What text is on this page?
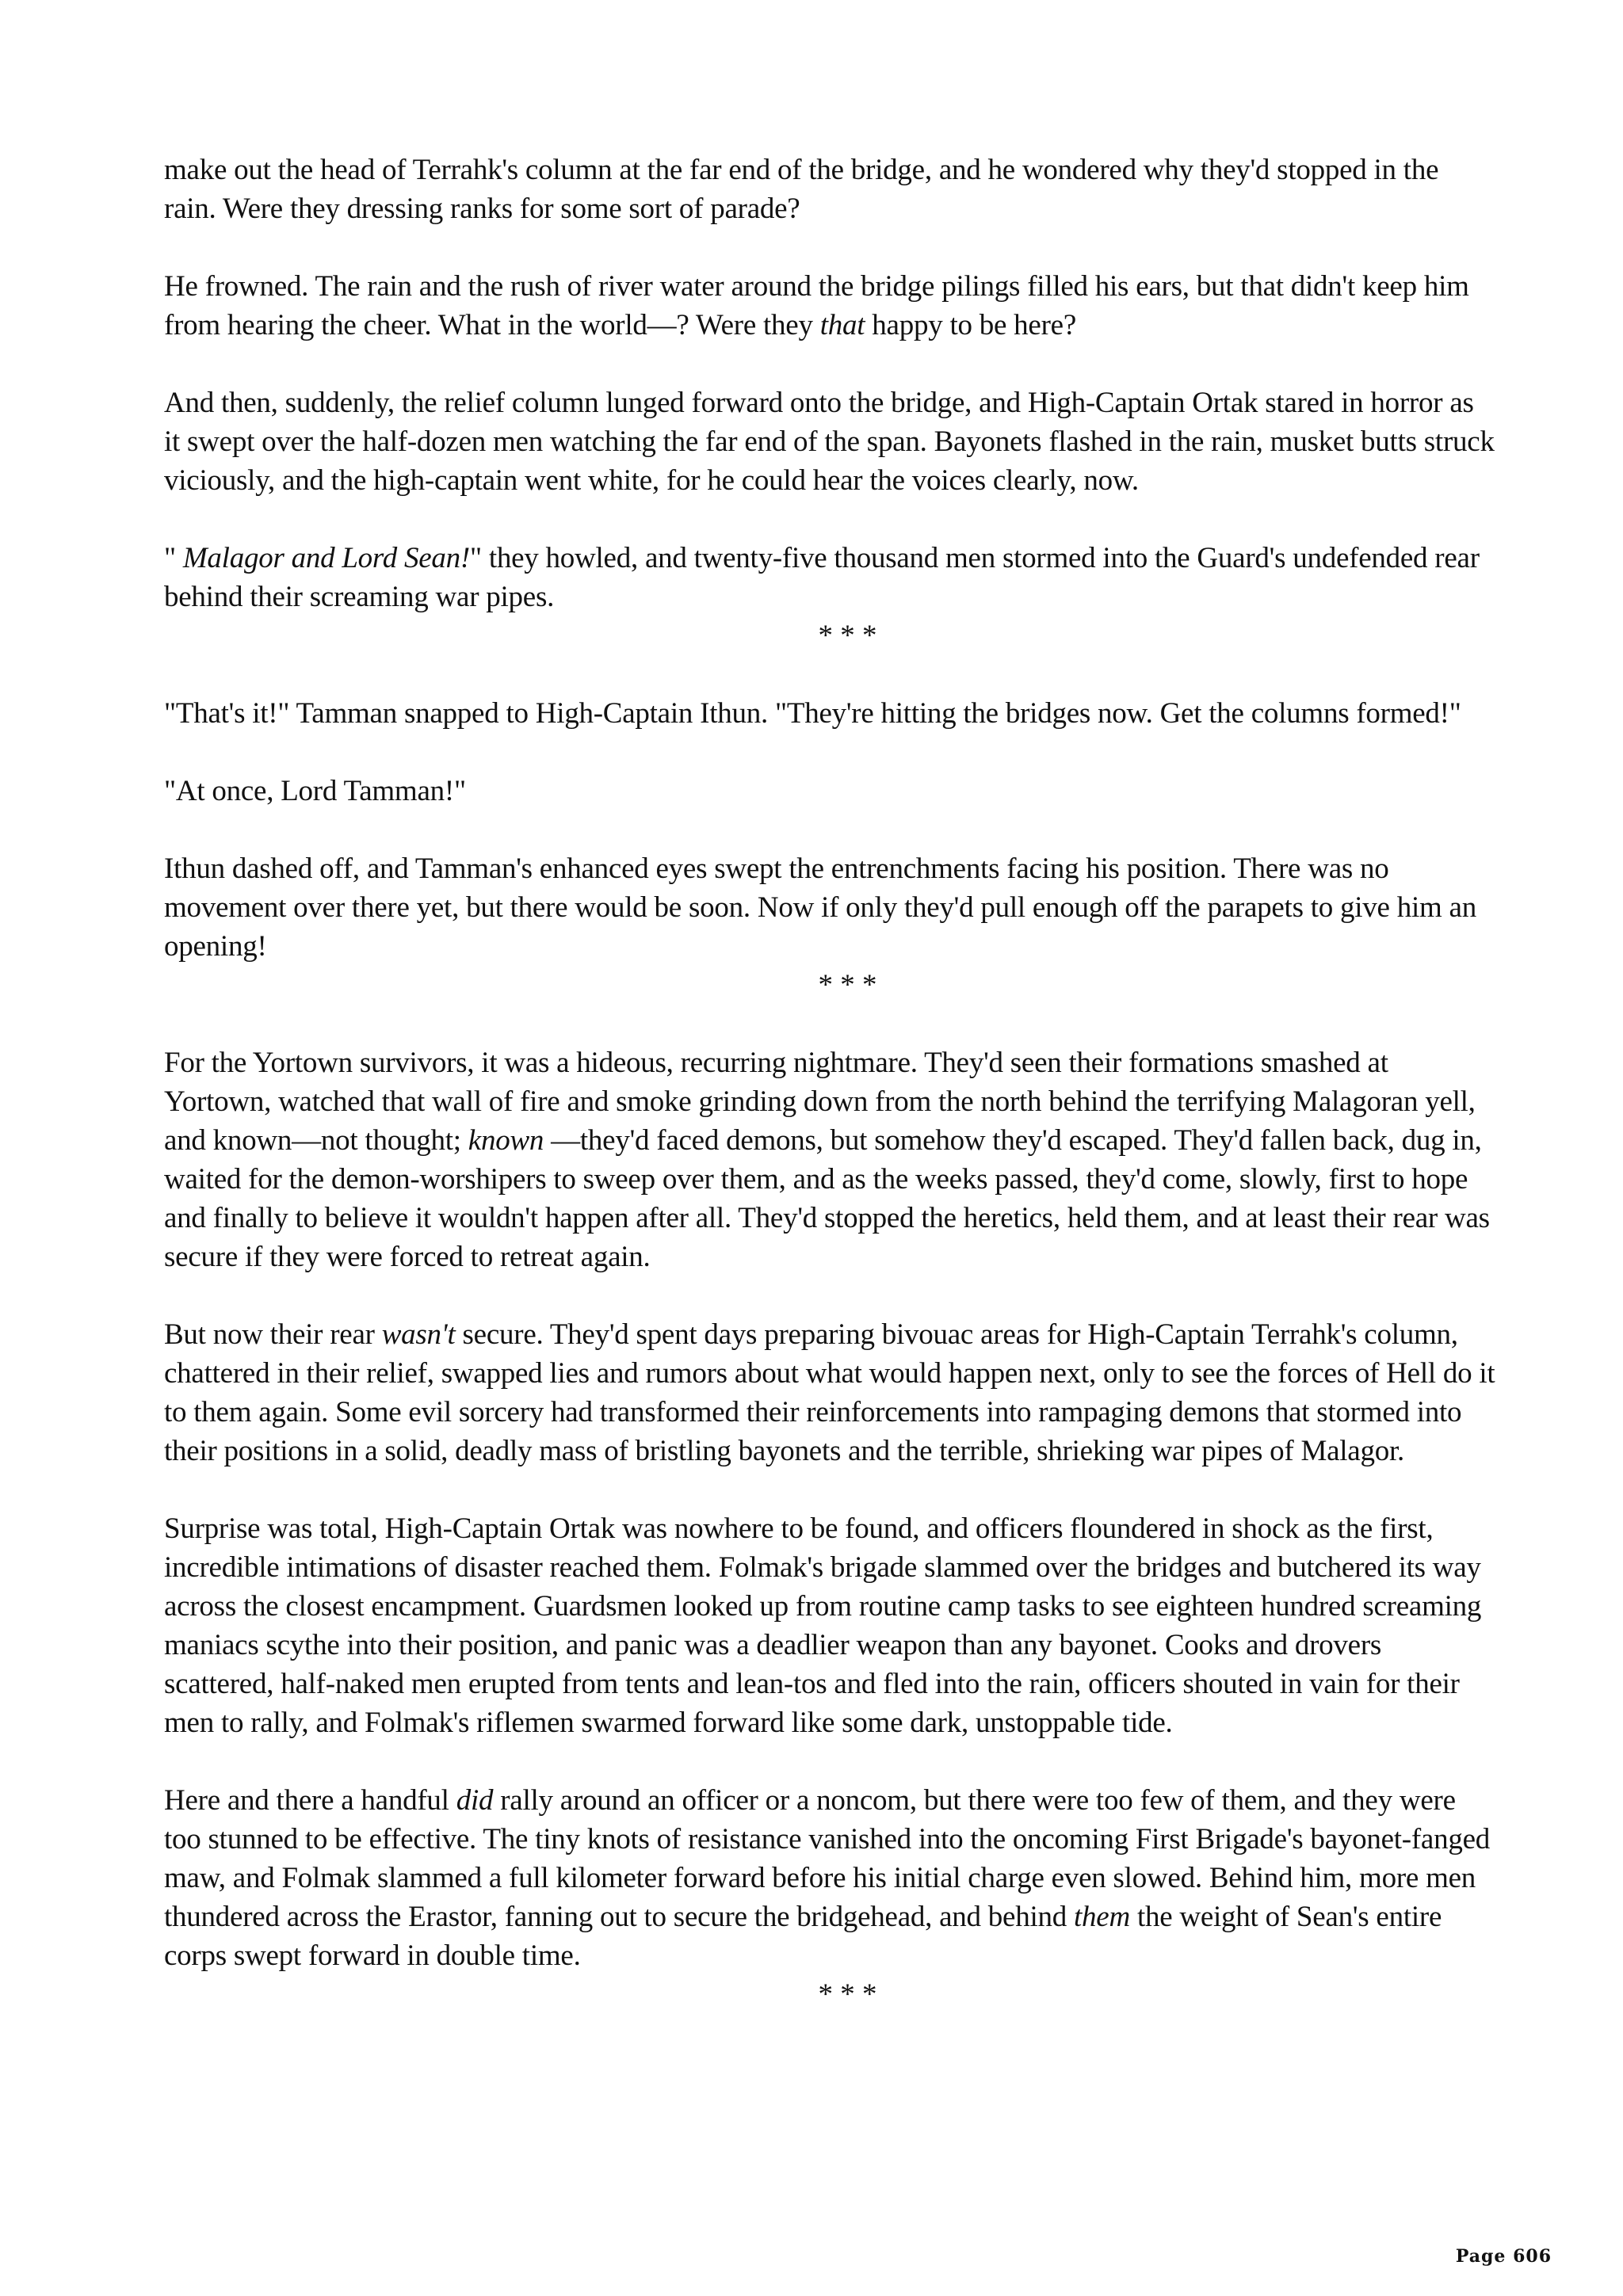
make out the head of Terrahk's column at the far end of the bridge, and he wondered why they'd stopped in the rain. Were they dressing ranks for some sort of parade?

He frowned. The rain and the rush of river water around the bridge pilings filled his ears, but that didn't keep him from hearing the cheer. What in the world—? Were they that happy to be here?

And then, suddenly, the relief column lunged forward onto the bridge, and High-Captain Ortak stared in horror as it swept over the half-dozen men watching the far end of the span. Bayonets flashed in the rain, musket butts struck viciously, and the high-captain went white, for he could hear the voices clearly, now.

" Malagor and Lord Sean!" they howled, and twenty-five thousand men stormed into the Guard's undefended rear behind their screaming war pipes.

* * *

"That's it!" Tamman snapped to High-Captain Ithun. "They're hitting the bridges now. Get the columns formed!"

"At once, Lord Tamman!"

Ithun dashed off, and Tamman's enhanced eyes swept the entrenchments facing his position. There was no movement over there yet, but there would be soon. Now if only they'd pull enough off the parapets to give him an opening!

* * *

For the Yortown survivors, it was a hideous, recurring nightmare. They'd seen their formations smashed at Yortown, watched that wall of fire and smoke grinding down from the north behind the terrifying Malagoran yell, and known—not thought; known —they'd faced demons, but somehow they'd escaped. They'd fallen back, dug in, waited for the demon-worshipers to sweep over them, and as the weeks passed, they'd come, slowly, first to hope and finally to believe it wouldn't happen after all. They'd stopped the heretics, held them, and at least their rear was secure if they were forced to retreat again.

But now their rear wasn't secure. They'd spent days preparing bivouac areas for High-Captain Terrahk's column, chattered in their relief, swapped lies and rumors about what would happen next, only to see the forces of Hell do it to them again. Some evil sorcery had transformed their reinforcements into rampaging demons that stormed into their positions in a solid, deadly mass of bristling bayonets and the terrible, shrieking war pipes of Malagor.

Surprise was total, High-Captain Ortak was nowhere to be found, and officers floundered in shock as the first, incredible intimations of disaster reached them. Folmak's brigade slammed over the bridges and butchered its way across the closest encampment. Guardsmen looked up from routine camp tasks to see eighteen hundred screaming maniacs scythe into their position, and panic was a deadlier weapon than any bayonet. Cooks and drovers scattered, half-naked men erupted from tents and lean-tos and fled into the rain, officers shouted in vain for their men to rally, and Folmak's riflemen swarmed forward like some dark, unstoppable tide.

Here and there a handful did rally around an officer or a noncom, but there were too few of them, and they were too stunned to be effective. The tiny knots of resistance vanished into the oncoming First Brigade's bayonet-fanged maw, and Folmak slammed a full kilometer forward before his initial charge even slowed. Behind him, more men thundered across the Erastor, fanning out to secure the bridgehead, and behind them the weight of Sean's entire corps swept forward in double time.

* * *
Page 606
